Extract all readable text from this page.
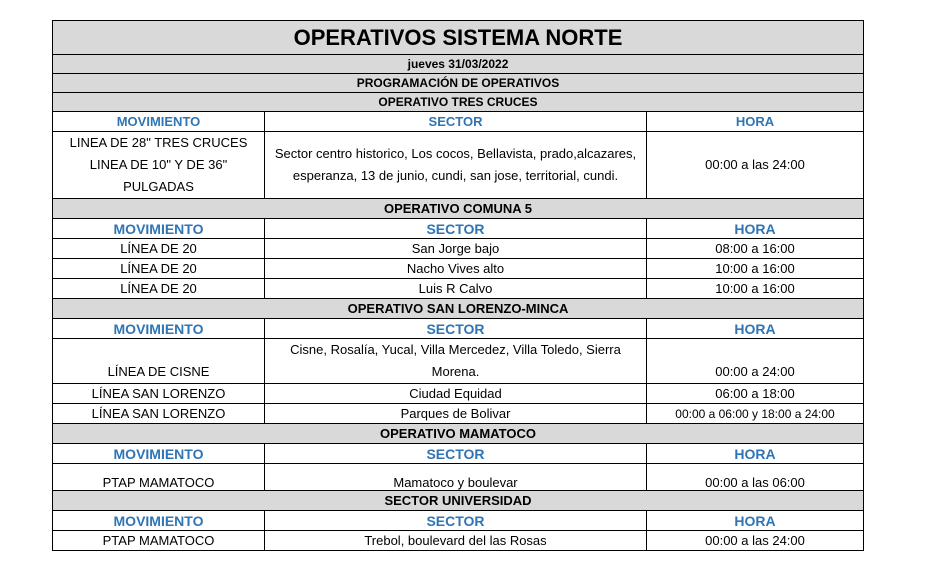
OPERATIVOS SISTEMA NORTE		
jueves 31/03/2022		
PROGRAMACIÓN DE OPERATIVOS		
OPERATIVO TRES CRUCES		
MOVIMIENTO	SECTOR	HORA
LINEA DE 28" TRES CRUCES LINEA DE 10" Y DE 36" PULGADAS	Sector centro historico, Los cocos, Bellavista, prado,alcazares, esperanza, 13 de junio, cundi, san jose, territorial, cundi.	00:00 a las 24:00
OPERATIVO COMUNA 5		
MOVIMIENTO	SECTOR	HORA
LÍNEA DE 20	San Jorge bajo	08:00 a 16:00
LÍNEA DE 20	Nacho Vives alto	10:00 a 16:00
LÍNEA DE 20	Luis R Calvo	10:00 a 16:00
OPERATIVO SAN LORENZO-MINCA		
MOVIMIENTO	SECTOR	HORA
LÍNEA DE CISNE	Cisne, Rosalía, Yucal, Villa Mercedez, Villa Toledo, Sierra Morena.	00:00 a 24:00
LÍNEA SAN LORENZO	Ciudad Equidad	06:00 a 18:00
LÍNEA SAN LORENZO	Parques de Bolivar	00:00 a 06:00 y 18:00 a 24:00
OPERATIVO MAMATOCO		
MOVIMIENTO	SECTOR	HORA
PTAP MAMATOCO	Mamatoco y boulevar	00:00 a las 06:00
SECTOR UNIVERSIDAD		
MOVIMIENTO	SECTOR	HORA
PTAP MAMATOCO	Trebol, boulevard del las Rosas	00:00 a las 24:00
